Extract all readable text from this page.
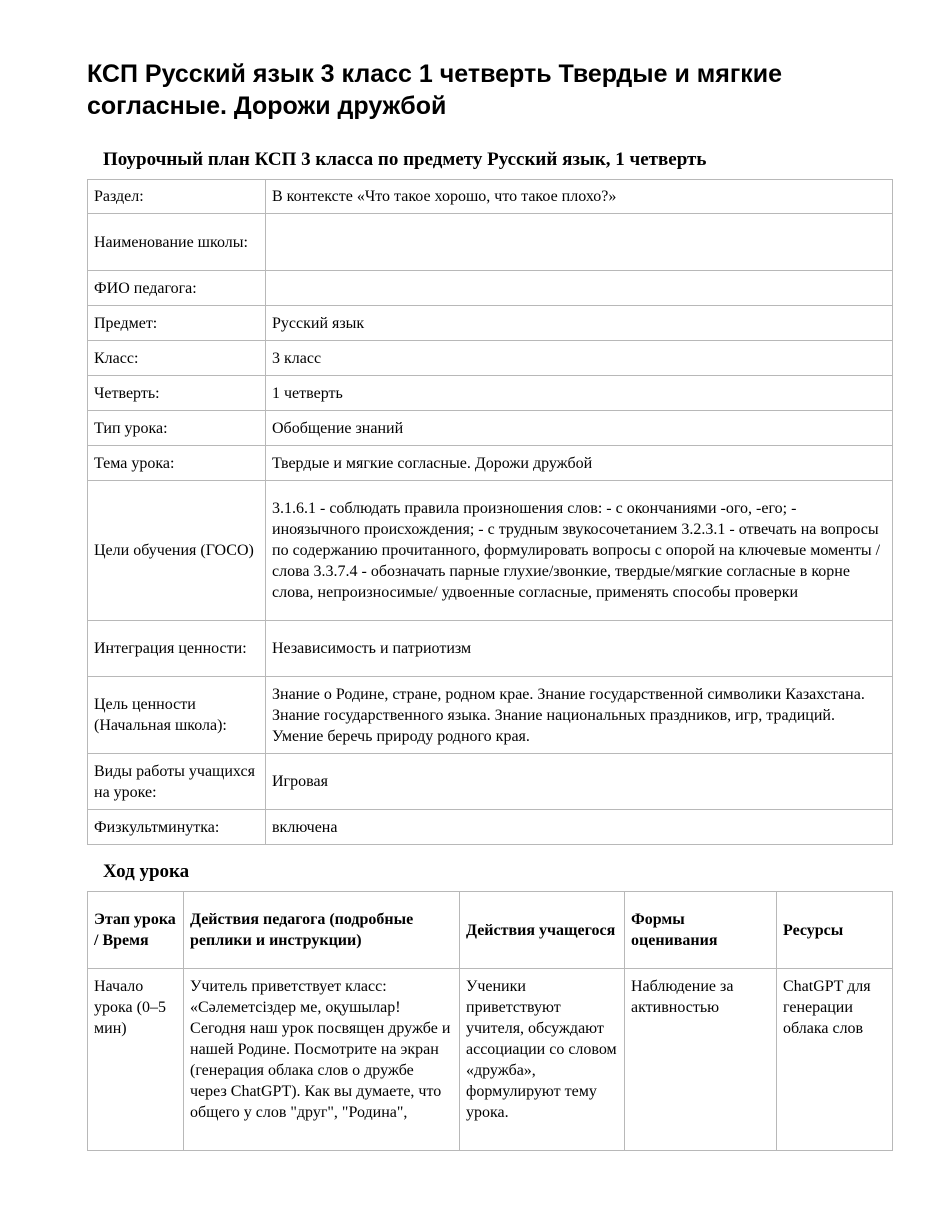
КСП Русский язык 3 класс 1 четверть Твердые и мягкие согласные. Дорожи дружбой
Поурочный план КСП 3 класса по предмету Русский язык, 1 четверть
Раздел:	В контексте «Что такое хорошо, что такое плохо?»
Наименование школы:	
ФИО педагога:	
Предмет:	Русский язык
Класс:	3 класс
Четверть:	1 четверть
Тип урока:	Обобщение знаний
Тема урока:	Твердые и мягкие согласные. Дорожи дружбой
Цели обучения (ГОСО)	3.1.6.1 - соблюдать правила произношения слов: - с окончаниями -ого, -его; - иноязычного происхождения; - с трудным звукосочетанием 3.2.3.1 - отвечать на вопросы по содержанию прочитанного, формулировать вопросы с опорой на ключевые моменты / слова 3.3.7.4 - обозначать парные глухие/звонкие, твердые/мягкие согласные в корне слова, непроизносимые/ удвоенные согласные, применять способы проверки
Интеграция ценности:	Независимость и патриотизм
Цель ценности (Начальная школа):	Знание о Родине, стране, родном крае. Знание государственной символики Казахстана. Знание государственного языка. Знание национальных праздников, игр, традиций. Умение беречь природу родного края.
Виды работы учащихся на уроке:	Игровая
Физкультминутка:	включена
Ход урока
Этап урока / Время	Действия педагога (подробные реплики и инструкции)	Действия учащегося	Формы оценивания	Ресурсы
Начало урока (0–5 мин)	Учитель приветствует класс: «Сәлеметсіздер ме, оқушылар! Сегодня наш урок посвящен дружбе и нашей Родине. Посмотрите на экран (генерация облака слов о дружбе через ChatGPT). Как вы думаете, что общего у слов "друг", "Родина",	Ученики приветствуют учителя, обсуждают ассоциации со словом «дружба», формулируют тему урока.	Наблюдение за активностью	ChatGPT для генерации облака слов
